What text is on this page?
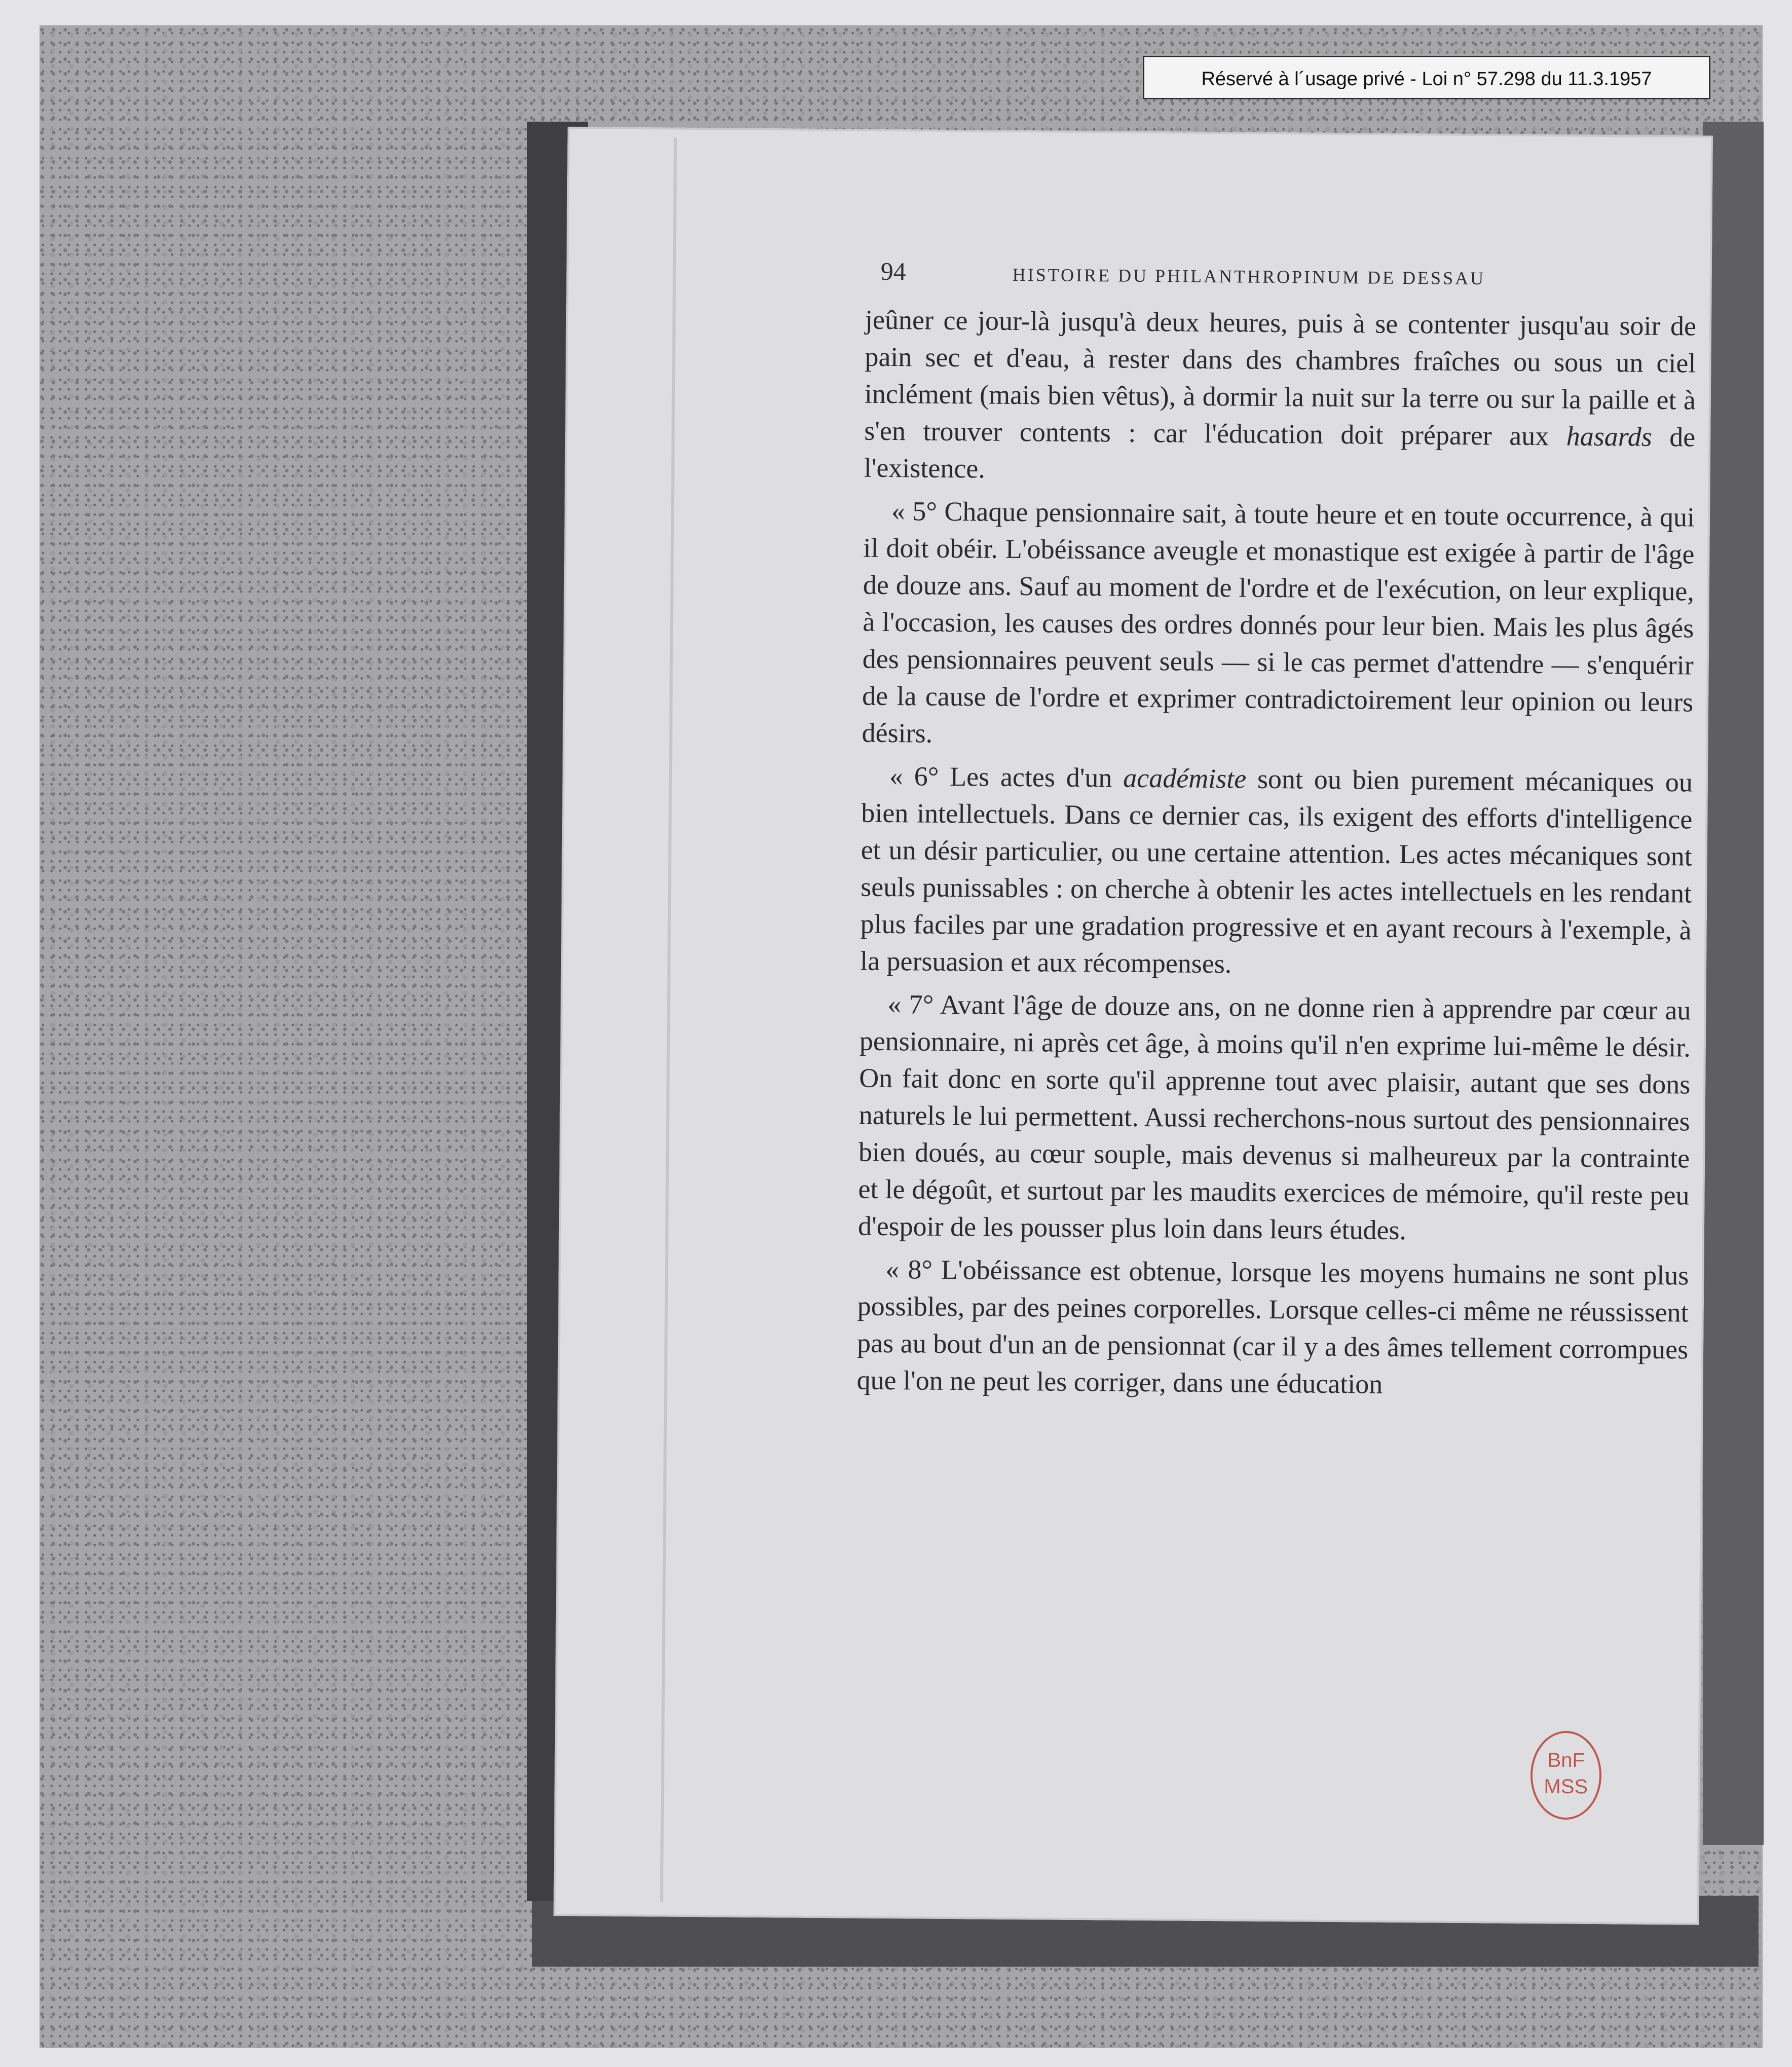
Réservé à l´usage privé - Loi n° 57.298 du 11.3.1957
94	HISTOIRE DU PHILANTHROPINUM DE DESSAU

jeûner ce jour-là jusqu'à deux heures, puis à se contenter jusqu'au soir de pain sec et d'eau, à rester dans des chambres fraîches ou sous un ciel inclément (mais bien vêtus), à dormir la nuit sur la terre ou sur la paille et à s'en trouver contents : car l'éducation doit préparer aux hasards de l'existence.

« 5° Chaque pensionnaire sait, à toute heure et en toute occurrence, à qui il doit obéir. L'obéissance aveugle et monastique est exigée à partir de l'âge de douze ans. Sauf au moment de l'ordre et de l'exécution, on leur explique, à l'occasion, les causes des ordres donnés pour leur bien. Mais les plus âgés des pensionnaires peuvent seuls — si le cas permet d'attendre — s'enquérir de la cause de l'ordre et exprimer contradictoirement leur opinion ou leurs désirs.

« 6° Les actes d'un académiste sont ou bien purement mécaniques ou bien intellectuels. Dans ce dernier cas, ils exigent des efforts d'intelligence et un désir particulier, ou une certaine attention. Les actes mécaniques sont seuls punissables : on cherche à obtenir les actes intellectuels en les rendant plus faciles par une gradation progressive et en ayant recours à l'exemple, à la persuasion et aux récompenses.

« 7° Avant l'âge de douze ans, on ne donne rien à apprendre par cœur au pensionnaire, ni après cet âge, à moins qu'il n'en exprime lui-même le désir. On fait donc en sorte qu'il apprenne tout avec plaisir, autant que ses dons naturels le lui permettent. Aussi recherchons-nous surtout des pensionnaires bien doués, au cœur souple, mais devenus si malheureux par la contrainte et le dégoût, et surtout par les maudits exercices de mémoire, qu'il reste peu d'espoir de les pousser plus loin dans leurs études.

« 8° L'obéissance est obtenue, lorsque les moyens humains ne sont plus possibles, par des peines corporelles. Lorsque celles-ci même ne réussissent pas au bout d'un an de pensionnat (car il y a des âmes tellement corrompues que l'on ne peut les corriger, dans une éducation

BnF
MSS
